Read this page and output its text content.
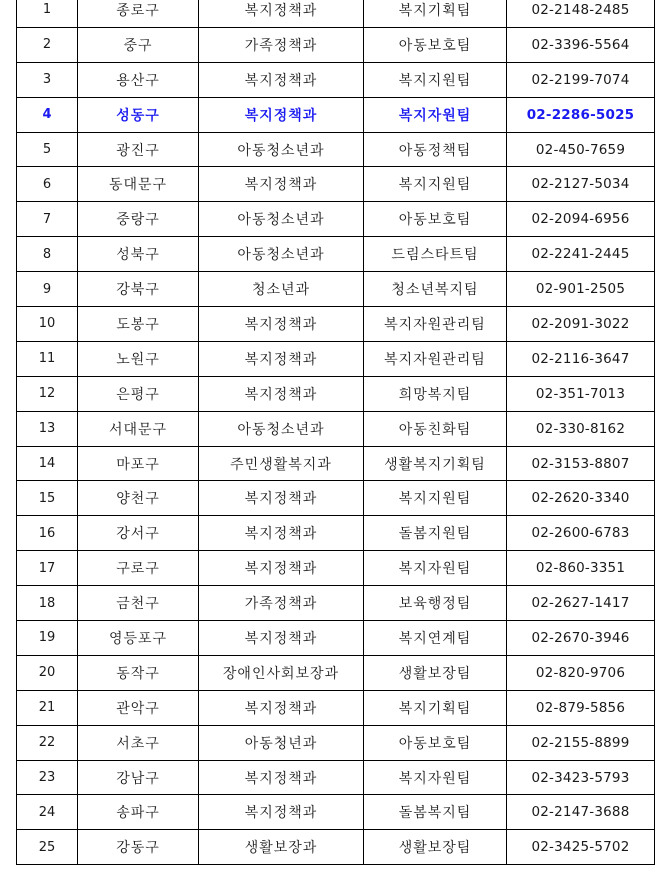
1	종로구	복지정책과	복지기획팀	02-2148-2485
2	중구	가족정책과	아동보호팀	02-3396-5564
3	용산구	복지정책과	복지지원팀	02-2199-7074
4	성동구	복지정책과	복지자원팀	02-2286-5025
5	광진구	아동청소년과	아동정책팀	02-450-7659
6	동대문구	복지정책과	복지지원팀	02-2127-5034
7	중랑구	아동청소년과	아동보호팀	02-2094-6956
8	성북구	아동청소년과	드림스타트팀	02-2241-2445
9	강북구	청소년과	청소년복지팀	02-901-2505
10	도봉구	복지정책과	복지자원관리팀	02-2091-3022
11	노원구	복지정책과	복지자원관리팀	02-2116-3647
12	은평구	복지정책과	희망복지팀	02-351-7013
13	서대문구	아동청소년과	아동친화팀	02-330-8162
14	마포구	주민생활복지과	생활복지기획팀	02-3153-8807
15	양천구	복지정책과	복지지원팀	02-2620-3340
16	강서구	복지정책과	돌봄지원팀	02-2600-6783
17	구로구	복지정책과	복지자원팀	02-860-3351
18	금천구	가족정책과	보육행정팀	02-2627-1417
19	영등포구	복지정책과	복지연계팀	02-2670-3946
20	동작구	장애인사회보장과	생활보장팀	02-820-9706
21	관악구	복지정책과	복지기획팀	02-879-5856
22	서초구	아동청년과	아동보호팀	02-2155-8899
23	강남구	복지정책과	복지자원팀	02-3423-5793
24	송파구	복지정책과	돌봄복지팀	02-2147-3688
25	강동구	생활보장과	생활보장팀	02-3425-5702
